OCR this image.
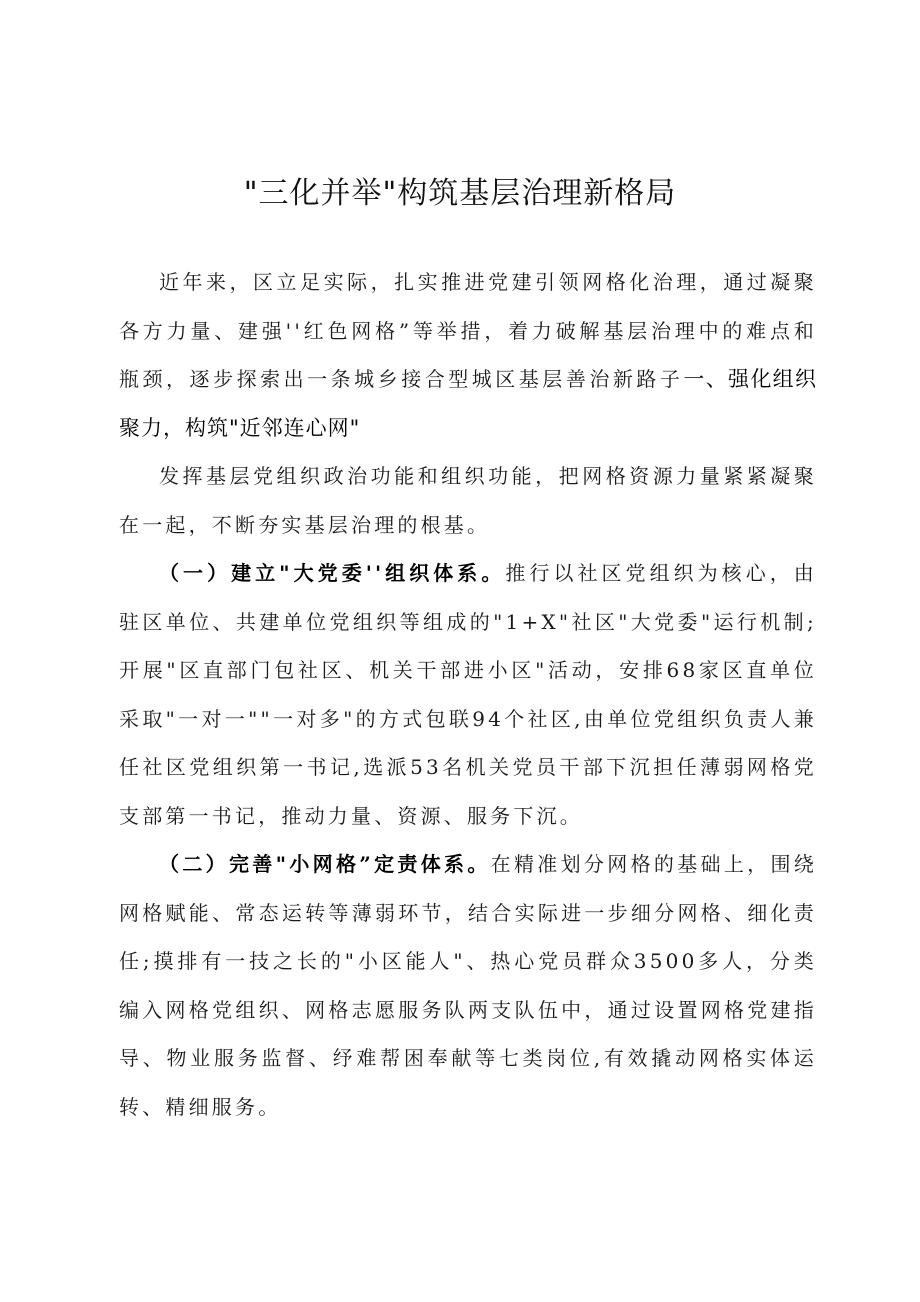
"三化并举"构筑基层治理新格局

近年来，区立足实际，扎实推进党建引领网格化治理，通过凝聚各方力量、建强''红色网格”等举措，着力破解基层治理中的难点和瓶颈，逐步探索出一条城乡接合型城区基层善治新路子一、强化组织聚力，构筑"近邻连心网"

发挥基层党组织政治功能和组织功能，把网格资源力量紧紧凝聚在一起，不断夯实基层治理的根基。

（一）建立"大党委''组织体系。推行以社区党组织为核心，由驻区单位、共建单位党组织等组成的"1+X"社区"大党委"运行机制;开展"区直部门包社区、机关干部进小区"活动，安排68家区直单位采取"一对一""一对多"的方式包联94个社区,由单位党组织负责人兼任社区党组织第一书记,选派53名机关党员干部下沉担任薄弱网格党支部第一书记，推动力量、资源、服务下沉。

（二）完善"小网格”定责体系。在精准划分网格的基础上，围绕网格赋能、常态运转等薄弱环节，结合实际进一步细分网格、细化责任;摸排有一技之长的"小区能人"、热心党员群众3500多人，分类编入网格党组织、网格志愿服务队两支队伍中，通过设置网格党建指导、物业服务监督、纾难帮困奉献等七类岗位,有效撬动网格实体运转、精细服务。
